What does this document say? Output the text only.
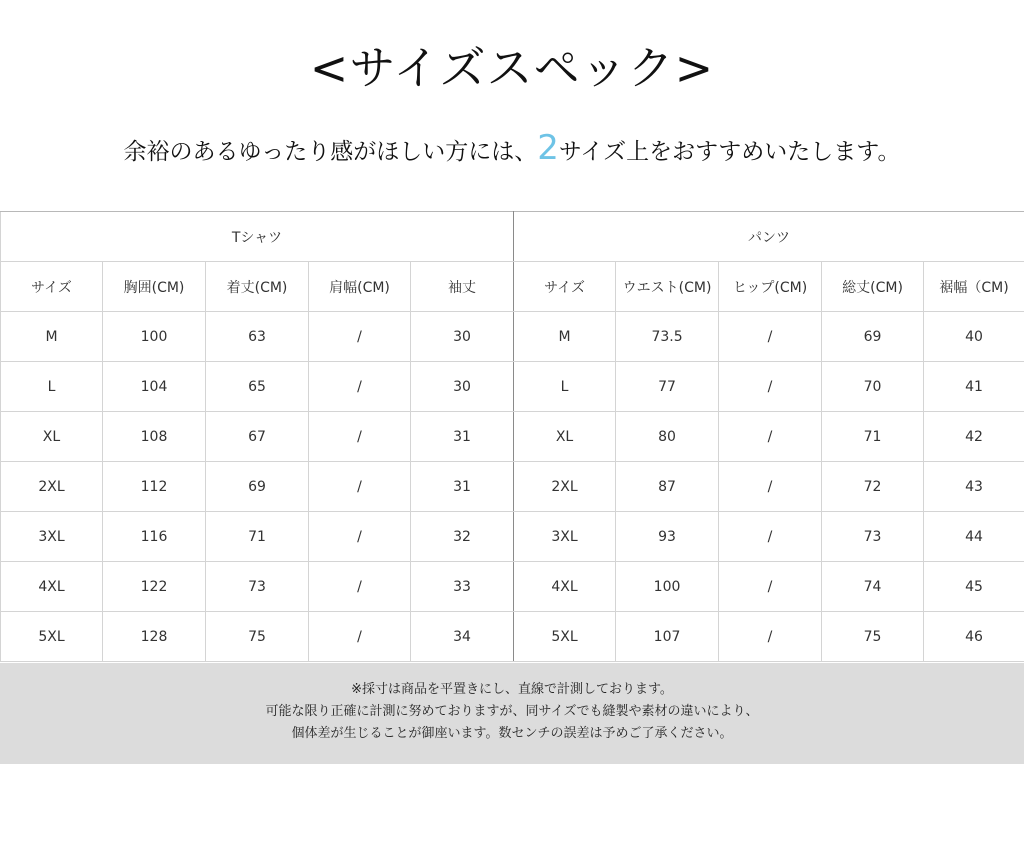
<サイズスペック>
余裕のあるゆったり感がほしい方には、2サイズ上をおすすめいたします。
Tシャツ					パンツ				
サイズ	胸囲(CM)	着丈(CM)	肩幅(CM)	袖丈	サイズ	ウエスト(CM)	ヒップ(CM)	総丈(CM)	裾幅（CM)
M	100	63	/	30	M	73.5	/	69	40
L	104	65	/	30	L	77	/	70	41
XL	108	67	/	31	XL	80	/	71	42
2XL	112	69	/	31	2XL	87	/	72	43
3XL	116	71	/	32	3XL	93	/	73	44
4XL	122	73	/	33	4XL	100	/	74	45
5XL	128	75	/	34	5XL	107	/	75	46
※採寸は商品を平置きにし、直線で計測しております。
可能な限り正確に計測に努めておりますが、同サイズでも縫製や素材の違いにより、
個体差が生じることが御座います。数センチの誤差は予めご了承ください。
